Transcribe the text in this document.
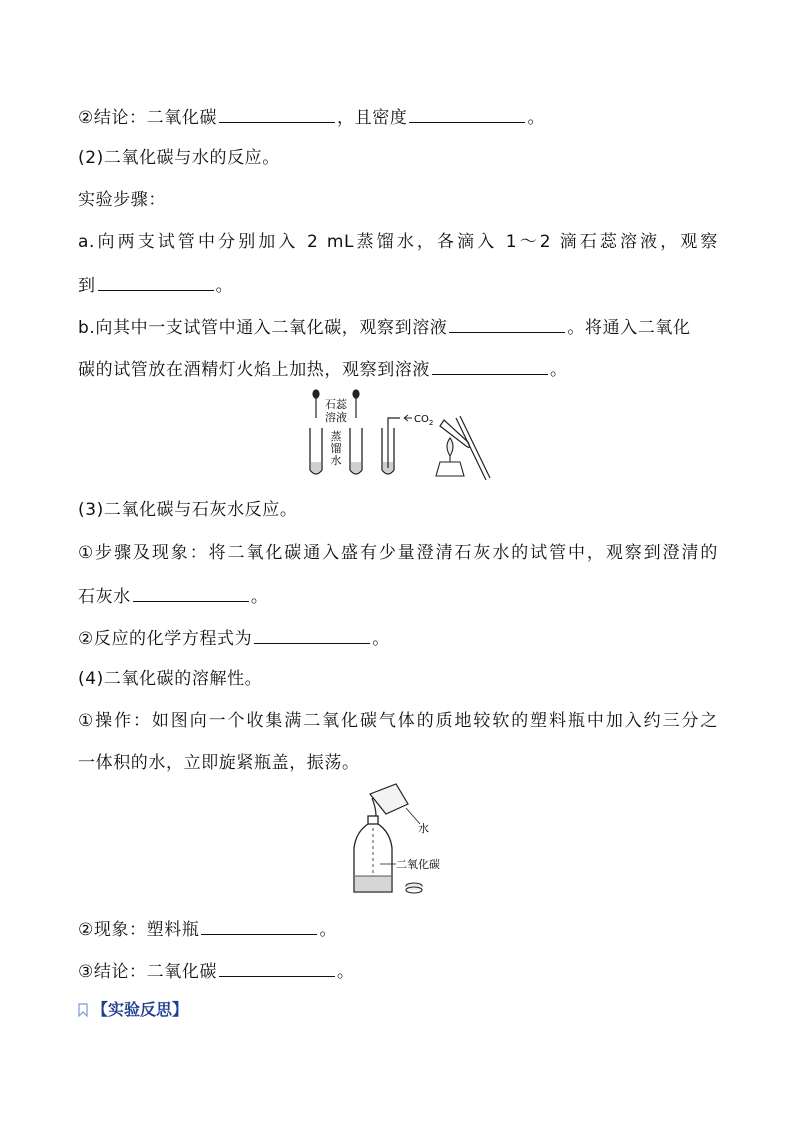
②结论：二氧化碳	，且密度	。
(2)二氧化碳与水的反应。
实验步骤：
a.向两支试管中分别加入 2 mL蒸馏水，各滴入 1～2 滴石蕊溶液，观察
到	。
b.向其中一支试管中通入二氧化碳，观察到溶液	。将通入二氧化
碳的试管放在酒精灯火焰上加热，观察到溶液	。
石蕊
溶液
蒸
馏
水
$CO_2$
(3)二氧化碳与石灰水反应。
①步骤及现象：将二氧化碳通入盛有少量澄清石灰水的试管中，观察到澄清的
石灰水	。
②反应的化学方程式为	。
(4)二氧化碳的溶解性。
①操作：如图向一个收集满二氧化碳气体的质地较软的塑料瓶中加入约三分之
一体积的水，立即旋紧瓶盖，振荡。
水
二氧化碳
②现象：塑料瓶	。
③结论：二氧化碳	。
【实验反思】
